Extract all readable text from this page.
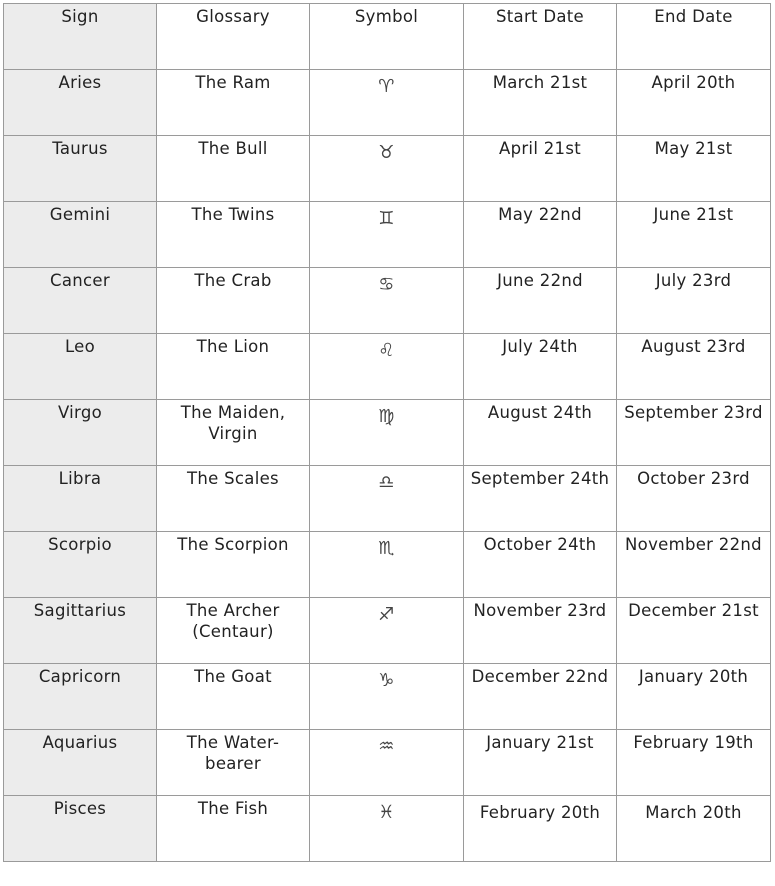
Sign	Glossary	Symbol	Start Date	End Date
Aries	The Ram	♈	March 21st	April 20th
Taurus	The Bull	♉	April 21st	May 21st
Gemini	The Twins	♊	May 22nd	June 21st
Cancer	The Crab	♋	June 22nd	July 23rd
Leo	The Lion	♌	July 24th	August 23rd
Virgo	The Maiden, Virgin	♍	August 24th	September 23rd
Libra	The Scales	♎	September 24th	October 23rd
Scorpio	The Scorpion	♏	October 24th	November 22nd
Sagittarius	The Archer (Centaur)	♐	November 23rd	December 21st
Capricorn	The Goat	♑	December 22nd	January 20th
Aquarius	The Water-bearer	♒	January 21st	February 19th
Pisces	The Fish	♓	February 20th	March 20th
